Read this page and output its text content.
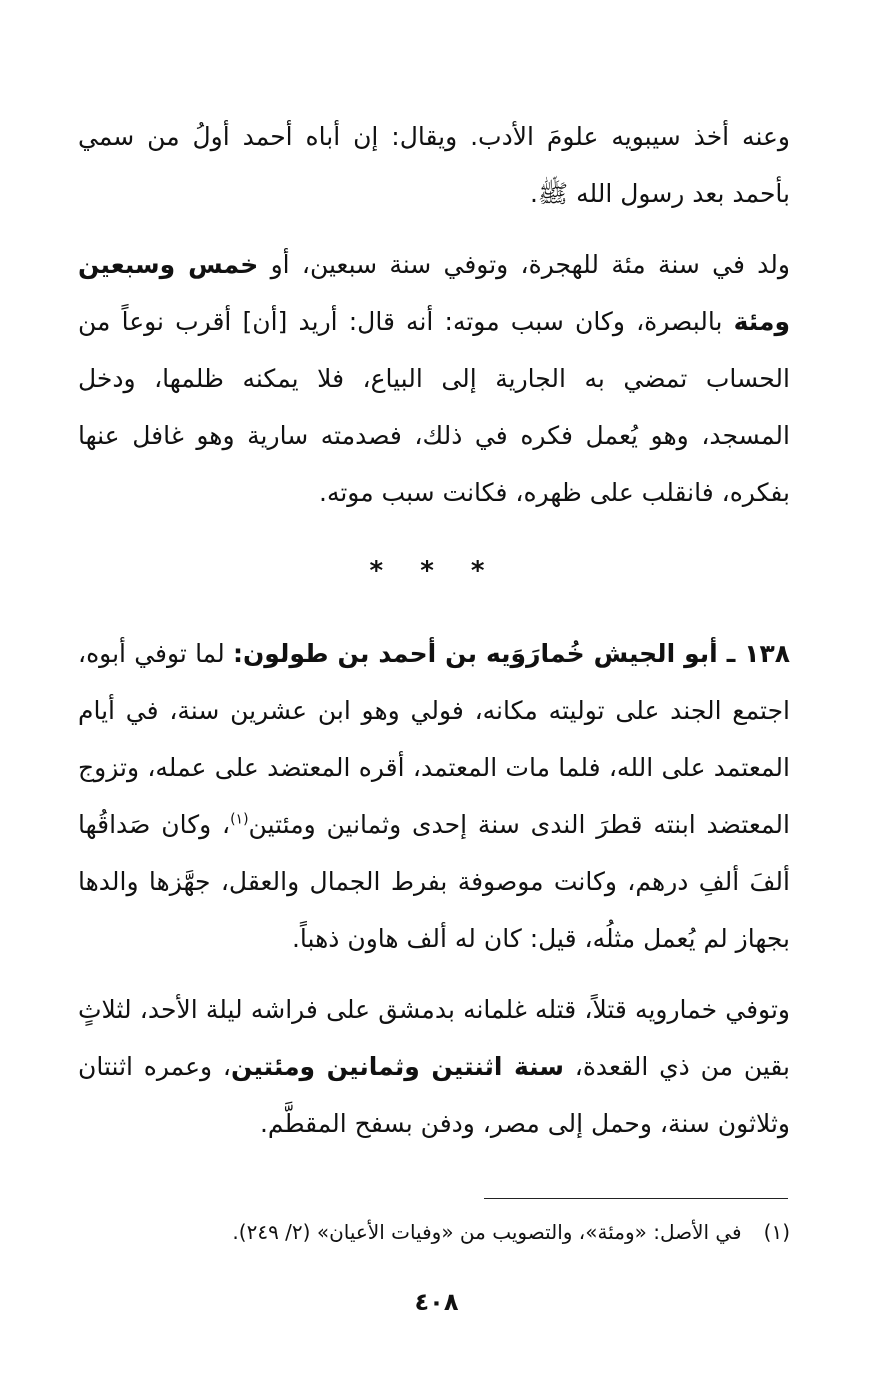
وعنه أخذ سيبويه علومَ الأدب. ويقال: إن أباه أحمد أولُ من سمي بأحمد بعد رسول الله ﷺ.

ولد في سنة مئة للهجرة، وتوفي سنة سبعين، أو خمس وسبعين ومئة بالبصرة، وكان سبب موته: أنه قال: أريد [أن] أقرب نوعاً من الحساب تمضي به الجارية إلى البياع، فلا يمكنه ظلمها، ودخل المسجد، وهو يُعمل فكره في ذلك، فصدمته سارية وهو غافل عنها بفكره، فانقلب على ظهره، فكانت سبب موته.

* * *

١٣٨ ـ أبو الجيش خُمارَوَيه بن أحمد بن طولون: لما توفي أبوه، اجتمع الجند على توليته مكانه، فولي وهو ابن عشرين سنة، في أيام المعتمد على الله، فلما مات المعتمد، أقره المعتضد على عمله، وتزوج المعتضد ابنته قطرَ الندى سنة إحدى وثمانين ومئتين$^{(١)}$، وكان صَداقُها ألفَ ألفِ درهم، وكانت موصوفة بفرط الجمال والعقل، جهَّزها والدها بجهاز لم يُعمل مثلُه، قيل: كان له ألف هاون ذهباً.

وتوفي خمارويه قتلاً، قتله غلمانه بدمشق على فراشه ليلة الأحد، لثلاثٍ بقين من ذي القعدة، سنة اثنتين وثمانين ومئتين، وعمره اثنتان وثلاثون سنة، وحمل إلى مصر، ودفن بسفح المقطَّم.

(١)في الأصل: «ومئة»، والتصويب من «وفيات الأعيان» (٢/ ٢٤٩).
٤٠٨
